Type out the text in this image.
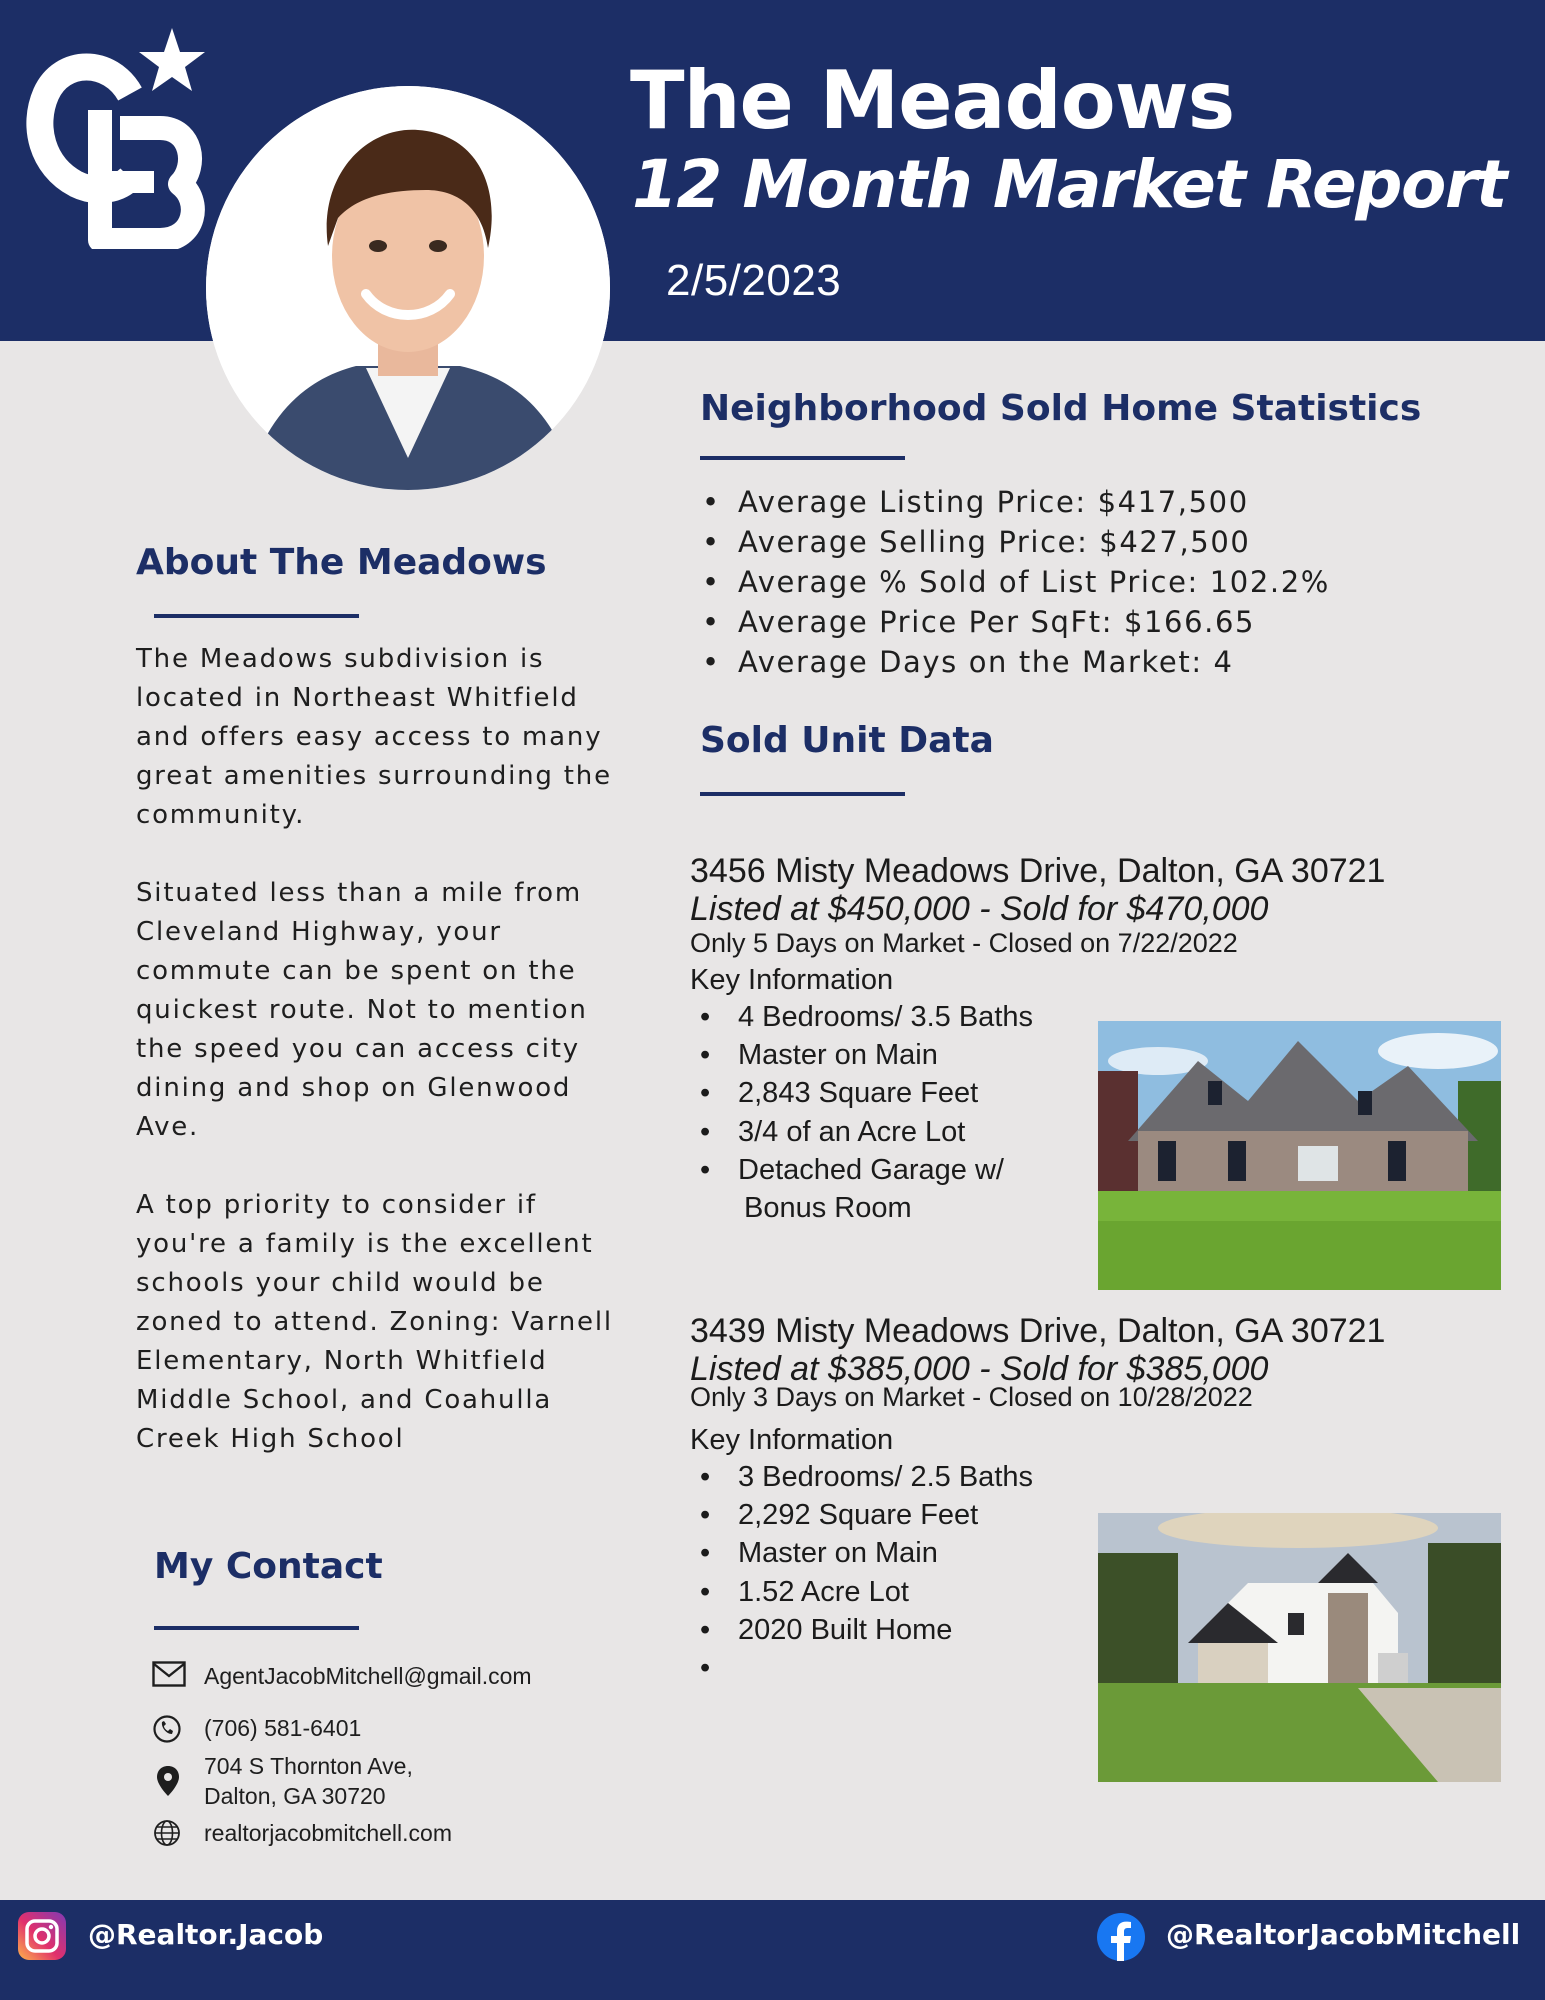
The Meadows
12 Month Market Report
2/5/2023
About The Meadows

The Meadows subdivision is located in Northeast Whitfield and offers easy access to many great amenities surrounding the community.

Situated less than a mile from Cleveland Highway, your commute can be spent on the quickest route. Not to mention the speed you can access city dining and shop on Glenwood Ave.

A top priority to consider if you're a family is the excellent schools your child would be zoned to attend. Zoning: Varnell Elementary, North Whitfield Middle School, and Coahulla Creek High School

Neighborhood Sold Home Statistics
• Average Listing Price: $417,500
• Average Selling Price: $427,500
• Average % Sold of List Price: 102.2%
• Average Price Per SqFt: $166.65
• Average Days on the Market: 4
Sold Unit Data
3456 Misty Meadows Drive, Dalton, GA 30721
Listed at $450,000 - Sold for $470,000
Only 5 Days on Market - Closed on 7/22/2022
Key Information
• 4 Bedrooms/ 3.5 Baths
• Master on Main
• 2,843 Square Feet
• 3/4 of an Acre Lot
• Detached Garage w/
Bonus Room
3439 Misty Meadows Drive, Dalton, GA 30721
Listed at $385,000 - Sold for $385,000
Only 3 Days on Market - Closed on 10/28/2022
Key Information
• 3 Bedrooms/ 2.5 Baths
• 2,292 Square Feet
• Master on Main
• 1.52 Acre Lot
• 2020 Built Home
•
My Contact
AgentJacobMitchell@gmail.com
(706) 581-6401
704 S Thornton Ave,
Dalton, GA 30720
realtorjacobmitchell.com
@Realtor.Jacob	@RealtorJacobMitchell
